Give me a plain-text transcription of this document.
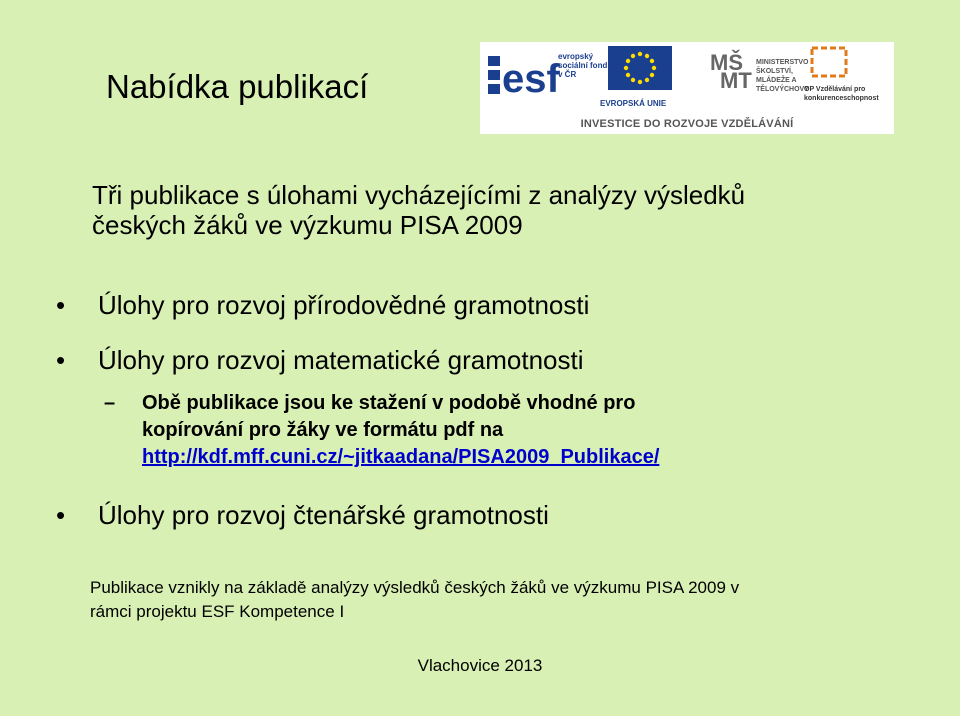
Nabídka publikací	esf
evropský sociální fond v ČR
EVROPSKÁ UNIE
MŠ
MT
MINISTERSTVO ŠKOLSTVÍ, MLÁDEŽE A TĚLOVÝCHOVY
OP Vzdělávání pro konkurenceschopnost
INVESTICE DO ROZVOJE VZDĚLÁVÁNÍ
Tři publikace s úlohami vycházejícími z analýzy výsledků
českých žáků ve výzkumu PISA 2009
• Úlohy pro rozvoj přírodovědné gramotnosti
• Úlohy pro rozvoj matematické gramotnosti
– Obě publikace jsou ke stažení v podobě vhodné pro
kopírování pro žáky ve formátu pdf na
http://kdf.mff.cuni.cz/~jitkaadana/PISA2009_Publikace/
• Úlohy pro rozvoj čtenářské gramotnosti
Publikace vznikly na základě analýzy výsledků českých žáků ve výzkumu PISA 2009 v
rámci projektu ESF Kompetence I
Vlachovice 2013
